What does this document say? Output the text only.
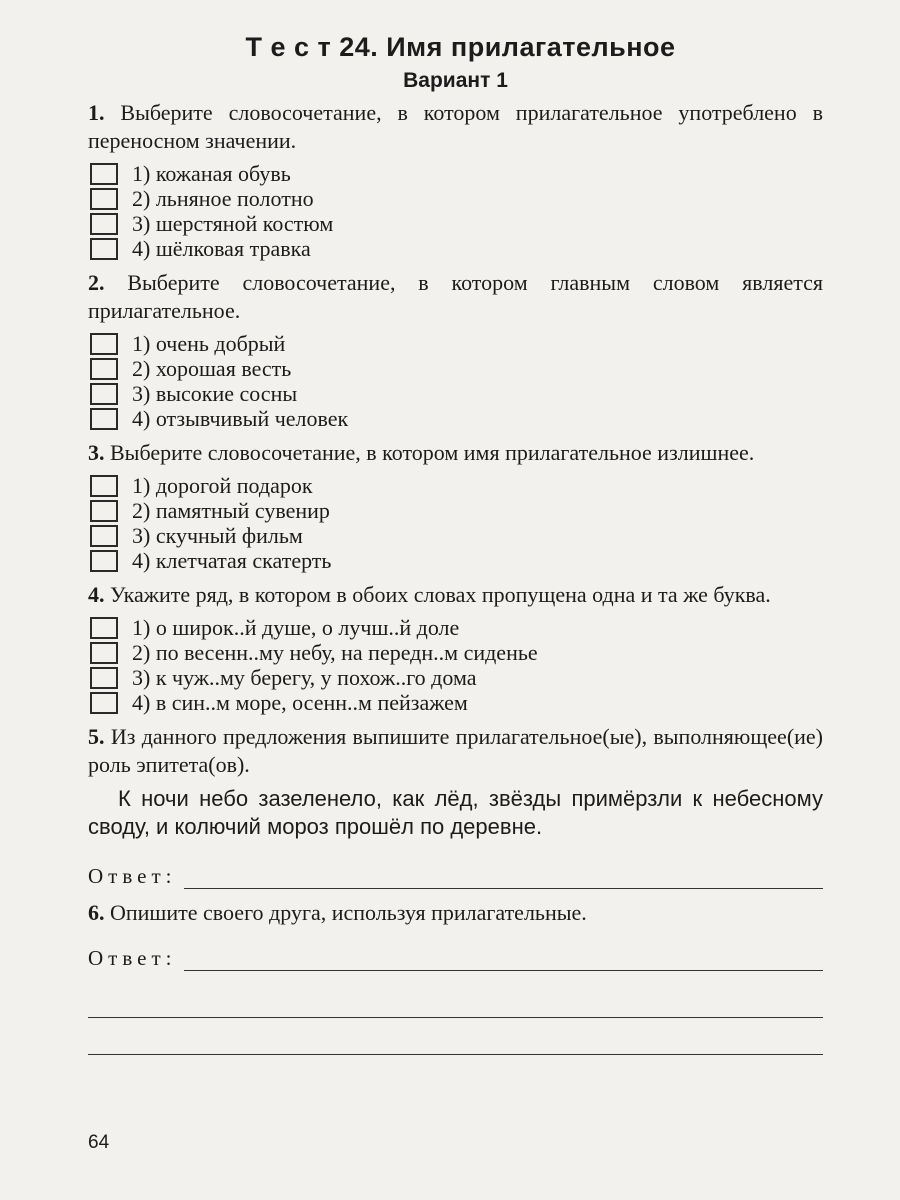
Т е с т 24. Имя прилагательное
Вариант 1
1. Выберите словосочетание, в котором прилагательное употреблено в переносном значении.
1) кожаная обувь
2) льняное полотно
3) шерстяной костюм
4) шёлковая травка
2. Выберите словосочетание, в котором главным словом является прилагательное.
1) очень добрый
2) хорошая весть
3) высокие сосны
4) отзывчивый человек
3. Выберите словосочетание, в котором имя прилагательное излишнее.
1) дорогой подарок
2) памятный сувенир
3) скучный фильм
4) клетчатая скатерть
4. Укажите ряд, в котором в обоих словах пропущена одна и та же буква.
1) о широк..й душе, о лучш..й доле
2) по весенн..му небу, на передн..м сиденье
3) к чуж..му берегу, у похож..го дома
4) в син..м море, осенн..м пейзажем
5. Из данного предложения выпишите прилагательное(ые), выполняющее(ие) роль эпитета(ов).
К ночи небо зазеленело, как лёд, звёзды примёрзли к небесному своду, и колючий мороз прошёл по деревне.
Ответ:
6. Опишите своего друга, используя прилагательные.
Ответ:
64
